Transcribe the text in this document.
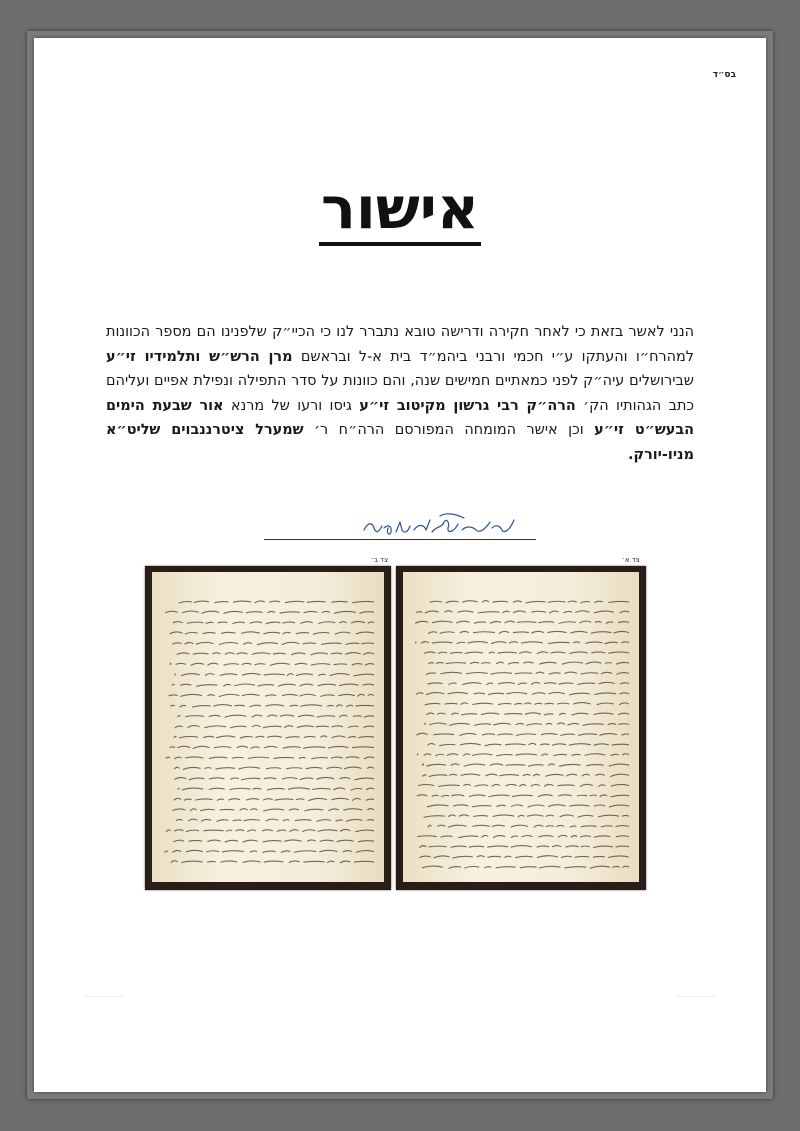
בס״ד
אישור
הנני לאשר בזאת כי לאחר חקירה ודרישה טובא נתברר לנו כי הכיי״ק שלפנינו הם מספר הכוונות למהרח״ו והעתקו ע״י חכמי ורבני ביהמ״ד בית א-ל ובראשם מרן הרש״ש ותלמידיו זי״ע שבירושלים עיה״ק לפני כמאתיים חמישים שנה, והם כוונות על סדר התפילה ונפילת אפיים ועליהם כתב הגהותיו הק׳ הרה״ק רבי גרשון מקיטוב זי״ע גיסו ורעו של מרנא אור שבעת הימים הבעש״ט זי״ע וכן אישר המומחה המפורסם הרה״ח ר׳ שמערל ציטרננבוים שליט״א מניו-יורק.
צד א׳
צד ב׳
